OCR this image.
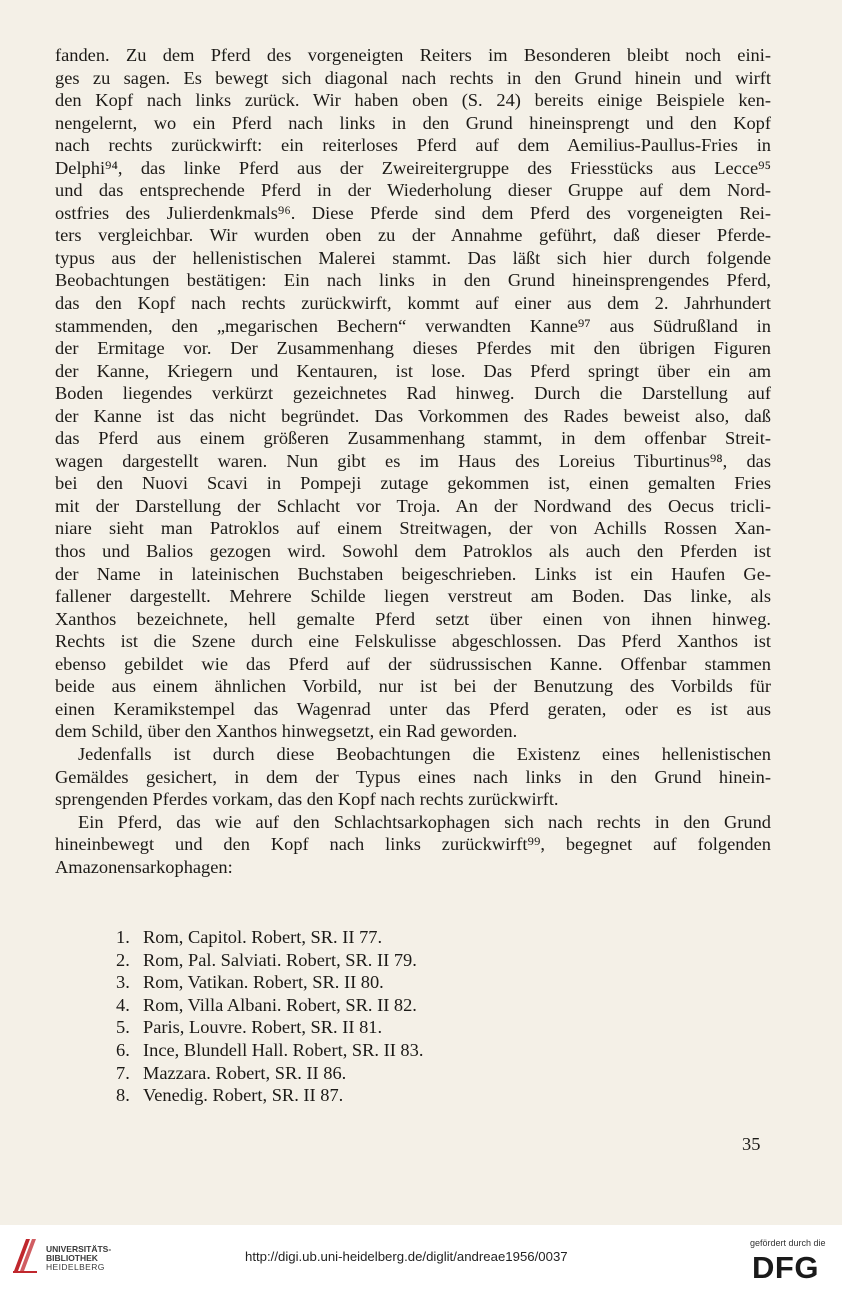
fanden. Zu dem Pferd des vorgeneigten Reiters im Besonderen bleibt noch eini-
ges zu sagen. Es bewegt sich diagonal nach rechts in den Grund hinein und wirft
den Kopf nach links zurück. Wir haben oben (S. 24) bereits einige Beispiele ken-
nengelernt, wo ein Pferd nach links in den Grund hineinsprengt und den Kopf
nach rechts zurückwirft: ein reiterloses Pferd auf dem Aemilius-Paullus-Fries in
Delphi⁹⁴, das linke Pferd aus der Zweireitergruppe des Friesstücks aus Lecce⁹⁵
und das entsprechende Pferd in der Wiederholung dieser Gruppe auf dem Nord-
ostfries des Julierdenkmals⁹⁶. Diese Pferde sind dem Pferd des vorgeneigten Rei-
ters vergleichbar. Wir wurden oben zu der Annahme geführt, daß dieser Pferde-
typus aus der hellenistischen Malerei stammt. Das läßt sich hier durch folgende
Beobachtungen bestätigen: Ein nach links in den Grund hineinsprengendes Pferd,
das den Kopf nach rechts zurückwirft, kommt auf einer aus dem 2. Jahrhundert
stammenden, den „megarischen Bechern“ verwandten Kanne⁹⁷ aus Südrußland in
der Ermitage vor. Der Zusammenhang dieses Pferdes mit den übrigen Figuren
der Kanne, Kriegern und Kentauren, ist lose. Das Pferd springt über ein am
Boden liegendes verkürzt gezeichnetes Rad hinweg. Durch die Darstellung auf
der Kanne ist das nicht begründet. Das Vorkommen des Rades beweist also, daß
das Pferd aus einem größeren Zusammenhang stammt, in dem offenbar Streit-
wagen dargestellt waren. Nun gibt es im Haus des Loreius Tiburtinus⁹⁸, das
bei den Nuovi Scavi in Pompeji zutage gekommen ist, einen gemalten Fries
mit der Darstellung der Schlacht vor Troja. An der Nordwand des Oecus tricli-
niare sieht man Patroklos auf einem Streitwagen, der von Achills Rossen Xan-
thos und Balios gezogen wird. Sowohl dem Patroklos als auch den Pferden ist
der Name in lateinischen Buchstaben beigeschrieben. Links ist ein Haufen Ge-
fallener dargestellt. Mehrere Schilde liegen verstreut am Boden. Das linke, als
Xanthos bezeichnete, hell gemalte Pferd setzt über einen von ihnen hinweg.
Rechts ist die Szene durch eine Felskulisse abgeschlossen. Das Pferd Xanthos ist
ebenso gebildet wie das Pferd auf der südrussischen Kanne. Offenbar stammen
beide aus einem ähnlichen Vorbild, nur ist bei der Benutzung des Vorbilds für
einen Keramikstempel das Wagenrad unter das Pferd geraten, oder es ist aus
dem Schild, über den Xanthos hinwegsetzt, ein Rad geworden.
Jedenfalls ist durch diese Beobachtungen die Existenz eines hellenistischen
Gemäldes gesichert, in dem der Typus eines nach links in den Grund hinein-
sprengenden Pferdes vorkam, das den Kopf nach rechts zurückwirft.
Ein Pferd, das wie auf den Schlachtsarkophagen sich nach rechts in den Grund
hineinbewegt und den Kopf nach links zurückwirft⁹⁹, begegnet auf folgenden
Amazonensarkophagen:
1. Rom, Capitol. Robert, SR. II 77.
2. Rom, Pal. Salviati. Robert, SR. II 79.
3. Rom, Vatikan. Robert, SR. II 80.
4. Rom, Villa Albani. Robert, SR. II 82.
5. Paris, Louvre. Robert, SR. II 81.
6. Ince, Blundell Hall. Robert, SR. II 83.
7. Mazzara. Robert, SR. II 86.
8. Venedig. Robert, SR. II 87.
35
UNIVERSITÄTS-
BIBLIOTHEK
HEIDELBERG
http://digi.ub.uni-heidelberg.de/diglit/andreae1956/0037
gefördert durch die
DFG
